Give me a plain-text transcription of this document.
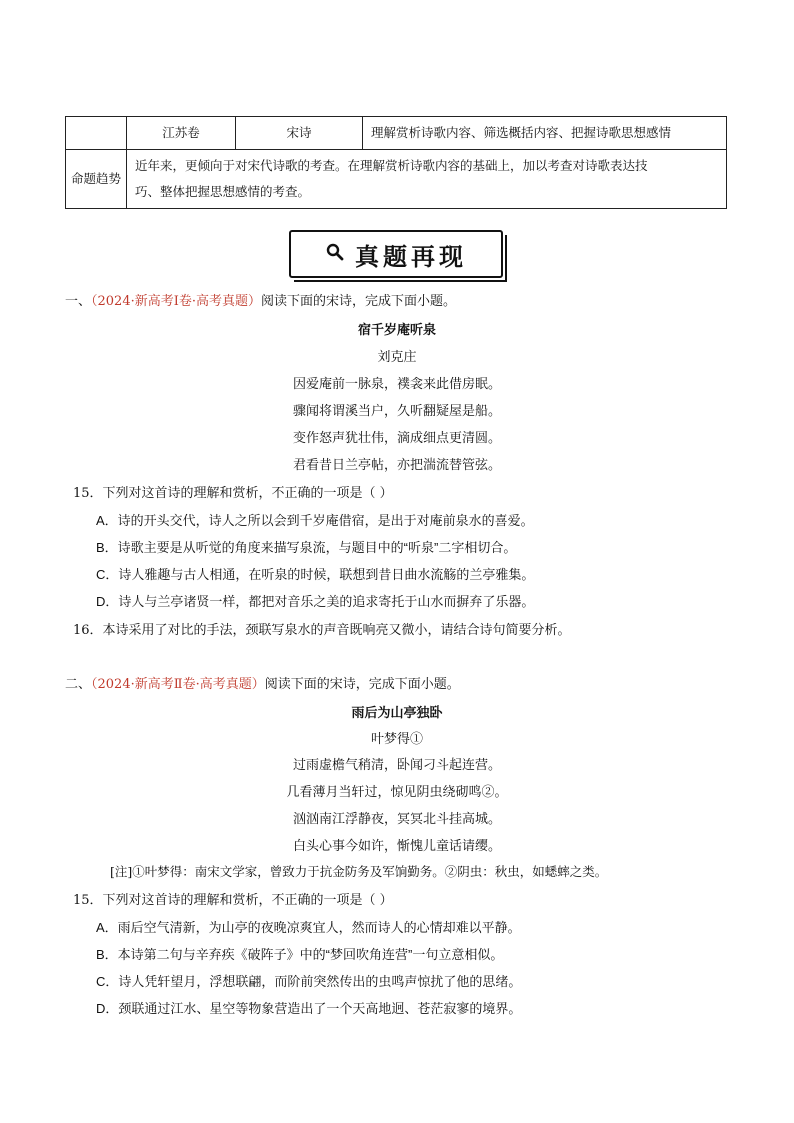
	江苏卷	宋诗	理解赏析诗歌内容、筛选概括内容、把握诗歌思想感情
命题趋势	近年来，更倾向于对宋代诗歌的考查。在理解赏析诗歌内容的基础上，加以考查对诗歌表达技
巧、整体把握思想感情的考查。		
真题再现
一、（2024·新高考Ⅰ卷·高考真题）阅读下面的宋诗，完成下面小题。
宿千岁庵听泉
刘克庄
因爱庵前一脉泉，襆衾来此借房眠。
骤闻将谓溪当户，久听翻疑屋是船。
变作怒声犹壮伟，滴成细点更清圆。
君看昔日兰亭帖，亦把湍流替管弦。
15．下列对这首诗的理解和赏析，不正确的一项是（ ）
A．诗的开头交代，诗人之所以会到千岁庵借宿，是出于对庵前泉水的喜爱。
B．诗歌主要是从听觉的角度来描写泉流，与题目中的“听泉”二字相切合。
C．诗人雅趣与古人相通，在听泉的时候，联想到昔日曲水流觞的兰亭雅集。
D．诗人与兰亭诸贤一样，都把对音乐之美的追求寄托于山水而摒弃了乐器。
16．本诗采用了对比的手法，颈联写泉水的声音既响亮又微小，请结合诗句简要分析。
二、（2024·新高考Ⅱ卷·高考真题）阅读下面的宋诗，完成下面小题。
雨后为山亭独卧
叶梦得①
过雨虚檐气稍清，卧闻刁斗起连营。
几看薄月当轩过，惊见阴虫绕砌鸣②。
汹汹南江浮静夜，冥冥北斗挂高城。
白头心事今如许，惭愧儿童话请缨。
[注]①叶梦得：南宋文学家，曾致力于抗金防务及军饷勤务。②阴虫：秋虫，如蟋蟀之类。
15．下列对这首诗的理解和赏析，不正确的一项是（ ）
A．雨后空气清新，为山亭的夜晚凉爽宜人，然而诗人的心情却难以平静。
B．本诗第二句与辛弃疾《破阵子》中的“梦回吹角连营”一句立意相似。
C．诗人凭轩望月，浮想联翩，而阶前突然传出的虫鸣声惊扰了他的思绪。
D．颈联通过江水、星空等物象营造出了一个天高地迥、苍茫寂寥的境界。
